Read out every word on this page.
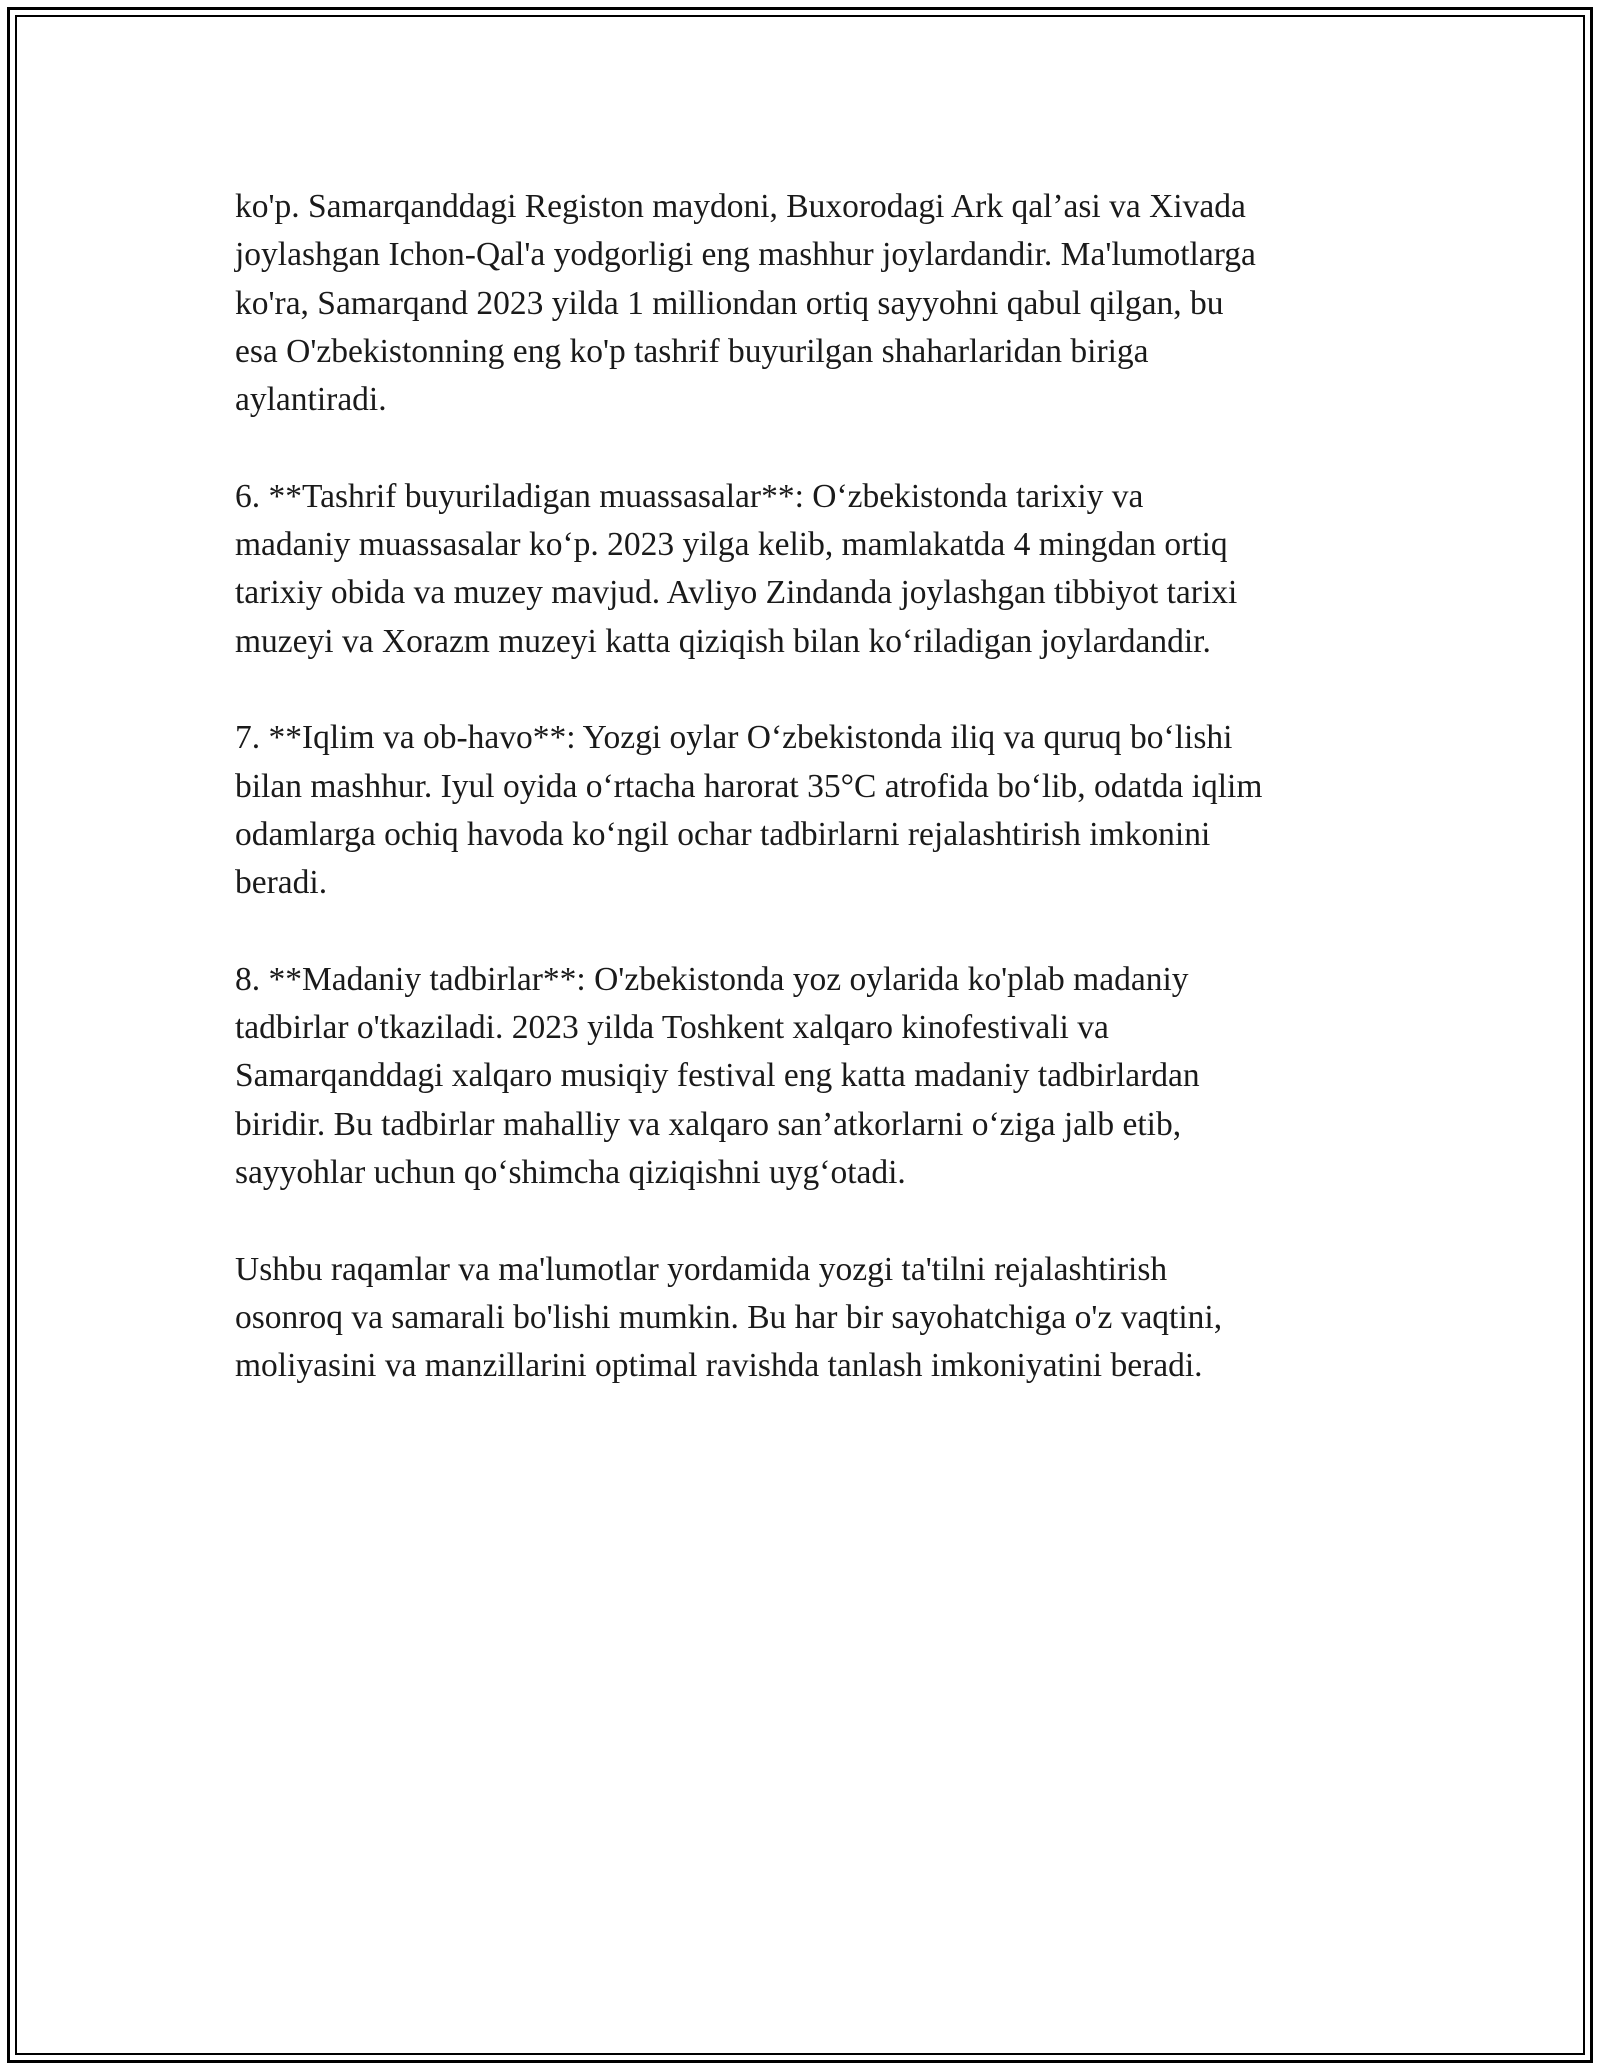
ko'p. Samarqanddagi Registon maydoni, Buxorodagi Ark qal’asi va Xivada
joylashgan Ichon-Qal'a yodgorligi eng mashhur joylardandir. Ma'lumotlarga
ko'ra, Samarqand 2023 yilda 1 milliondan ortiq sayyohni qabul qilgan, bu
esa O'zbekistonning eng ko'p tashrif buyurilgan shaharlaridan biriga
aylantiradi.

6. **Tashrif buyuriladigan muassasalar**: O‘zbekistonda tarixiy va
madaniy muassasalar ko‘p. 2023 yilga kelib, mamlakatda 4 mingdan ortiq
tarixiy obida va muzey mavjud. Avliyo Zindanda joylashgan tibbiyot tarixi
muzeyi va Xorazm muzeyi katta qiziqish bilan ko‘riladigan joylardandir.

7. **Iqlim va ob-havo**: Yozgi oylar O‘zbekistonda iliq va quruq bo‘lishi
bilan mashhur. Iyul oyida o‘rtacha harorat 35°C atrofida bo‘lib, odatda iqlim
odamlarga ochiq havoda ko‘ngil ochar tadbirlarni rejalashtirish imkonini
beradi.

8. **Madaniy tadbirlar**: O'zbekistonda yoz oylarida ko'plab madaniy
tadbirlar o'tkaziladi. 2023 yilda Toshkent xalqaro kinofestivali va
Samarqanddagi xalqaro musiqiy festival eng katta madaniy tadbirlardan
biridir. Bu tadbirlar mahalliy va xalqaro san’atkorlarni o‘ziga jalb etib,
sayyohlar uchun qo‘shimcha qiziqishni uyg‘otadi.

Ushbu raqamlar va ma'lumotlar yordamida yozgi ta'tilni rejalashtirish
osonroq va samarali bo'lishi mumkin. Bu har bir sayohatchiga o'z vaqtini,
moliyasini va manzillarini optimal ravishda tanlash imkoniyatini beradi.
